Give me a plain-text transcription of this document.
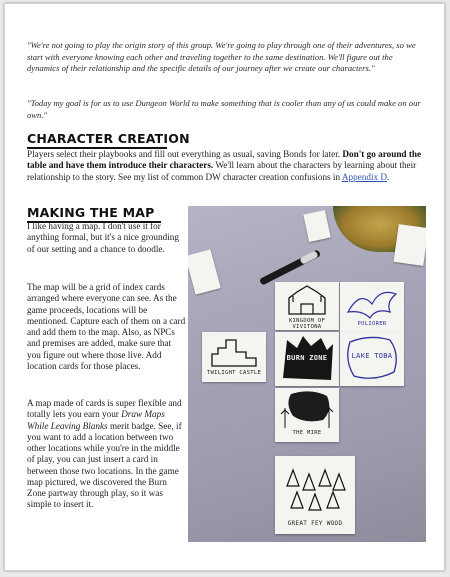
"We're not going to play the origin story of this group. We're going to play through one of their adventures, so we start with everyone knowing each other and traveling together to the same destination. We'll figure out the dynamics of their relationship and the specific details of our journey after we create our characters."

"Today my goal is for us to use Dungeon World to make something that is cooler than any of us could make on our own."

CHARACTER CREATION

Players select their playbooks and fill out everything as usual, saving Bonds for later. Don't go around the table and have them introduce their characters. We'll learn about the characters by learning about their relationship to the story. See my list of common DW character creation confusions in Appendix D.

MAKING THE MAP

I like having a map. I don't use it for anything formal, but it's a nice grounding of our setting and a chance to doodle.

The map will be a grid of index cards arranged where everyone can see. As the game proceeds, locations will be mentioned. Capture each of them on a card and add them to the map. Also, as NPCs and premises are added, make sure that you figure out where those live. Add location cards for those places.

A map made of cards is super flexible and totally lets you earn your Draw Maps While Leaving Blanks merit badge. See, if you want to add a location between two other locations while you're in the middle of play, you can just insert a card in between those two locations. In the game map pictured, we discovered the Burn Zone partway through play, so it was simple to insert it.

KINGDOM OF VIVITONA	POLIORER
TWILIGHT CASTLE
BURN ZONE	LAKE TOBA
THE MIRE
GREAT FEY WOOD
